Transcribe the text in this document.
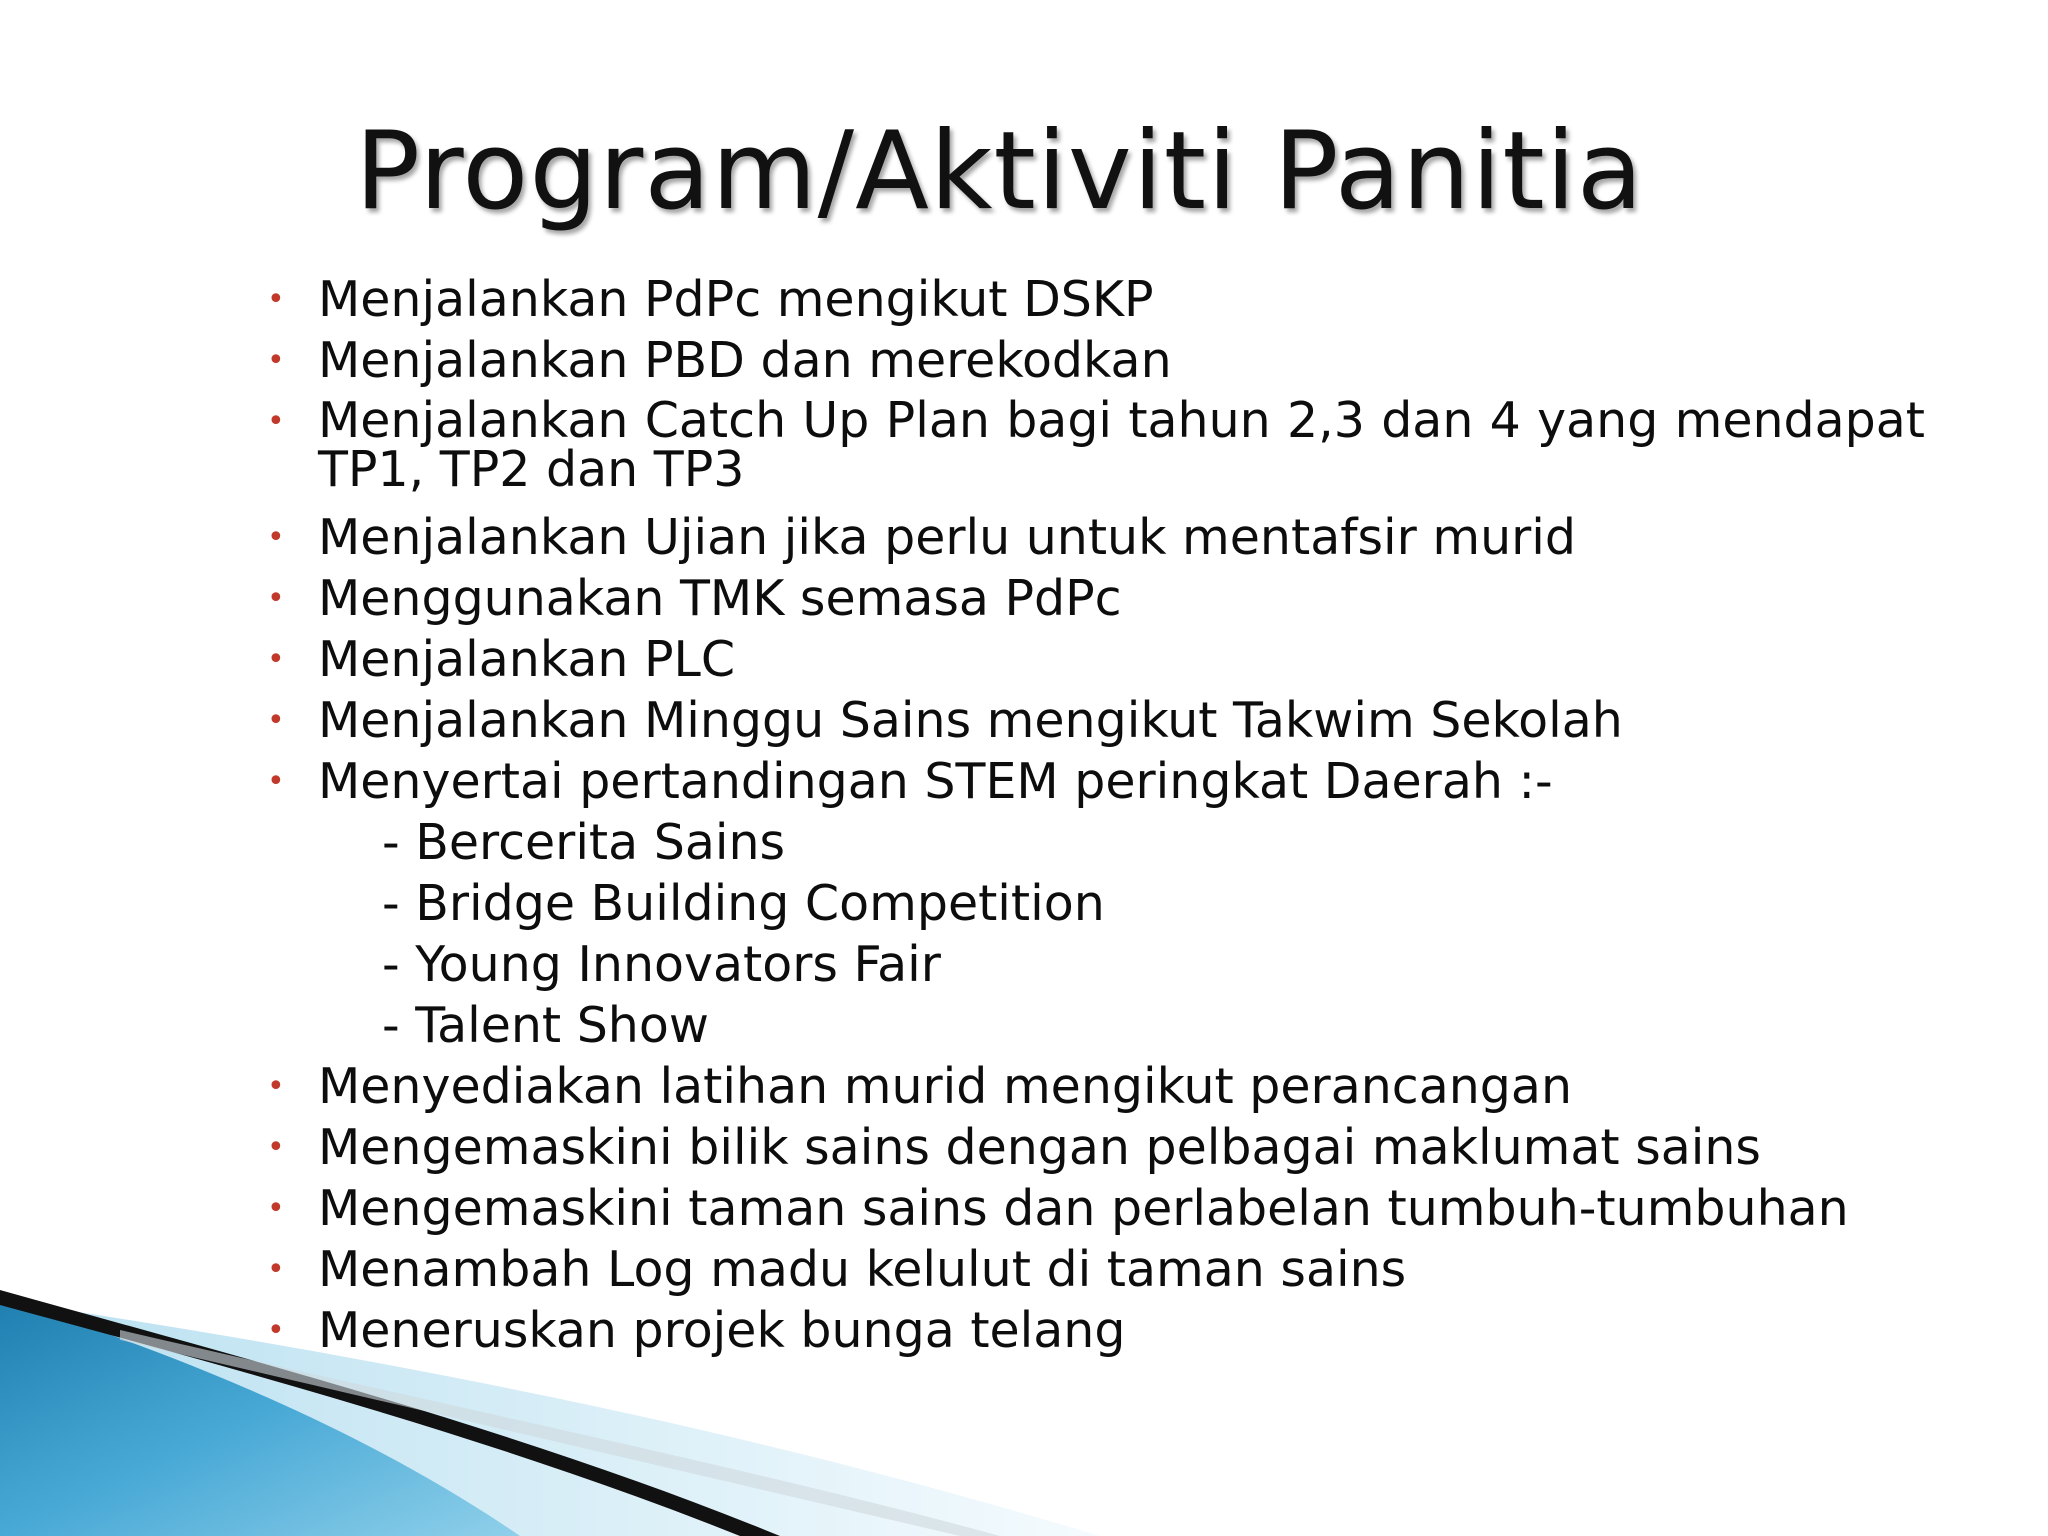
Program/Aktiviti Panitia
• Menjalankan PdPc mengikut DSKP
• Menjalankan PBD dan merekodkan
• Menjalankan Catch Up Plan bagi tahun 2,3 dan 4 yang mendapat TP1, TP2 dan TP3
• Menjalankan Ujian jika perlu untuk mentafsir murid
• Menggunakan TMK semasa PdPc
• Menjalankan PLC
• Menjalankan Minggu Sains mengikut Takwim Sekolah
• Menyertai pertandingan STEM peringkat Daerah :-
- Bercerita Sains
- Bridge Building Competition
- Young Innovators Fair
- Talent Show
• Menyediakan latihan murid mengikut perancangan
• Mengemaskini bilik sains dengan pelbagai maklumat sains
• Mengemaskini taman sains dan perlabelan tumbuh-tumbuhan
• Menambah Log madu kelulut di taman sains
• Meneruskan projek bunga telang
